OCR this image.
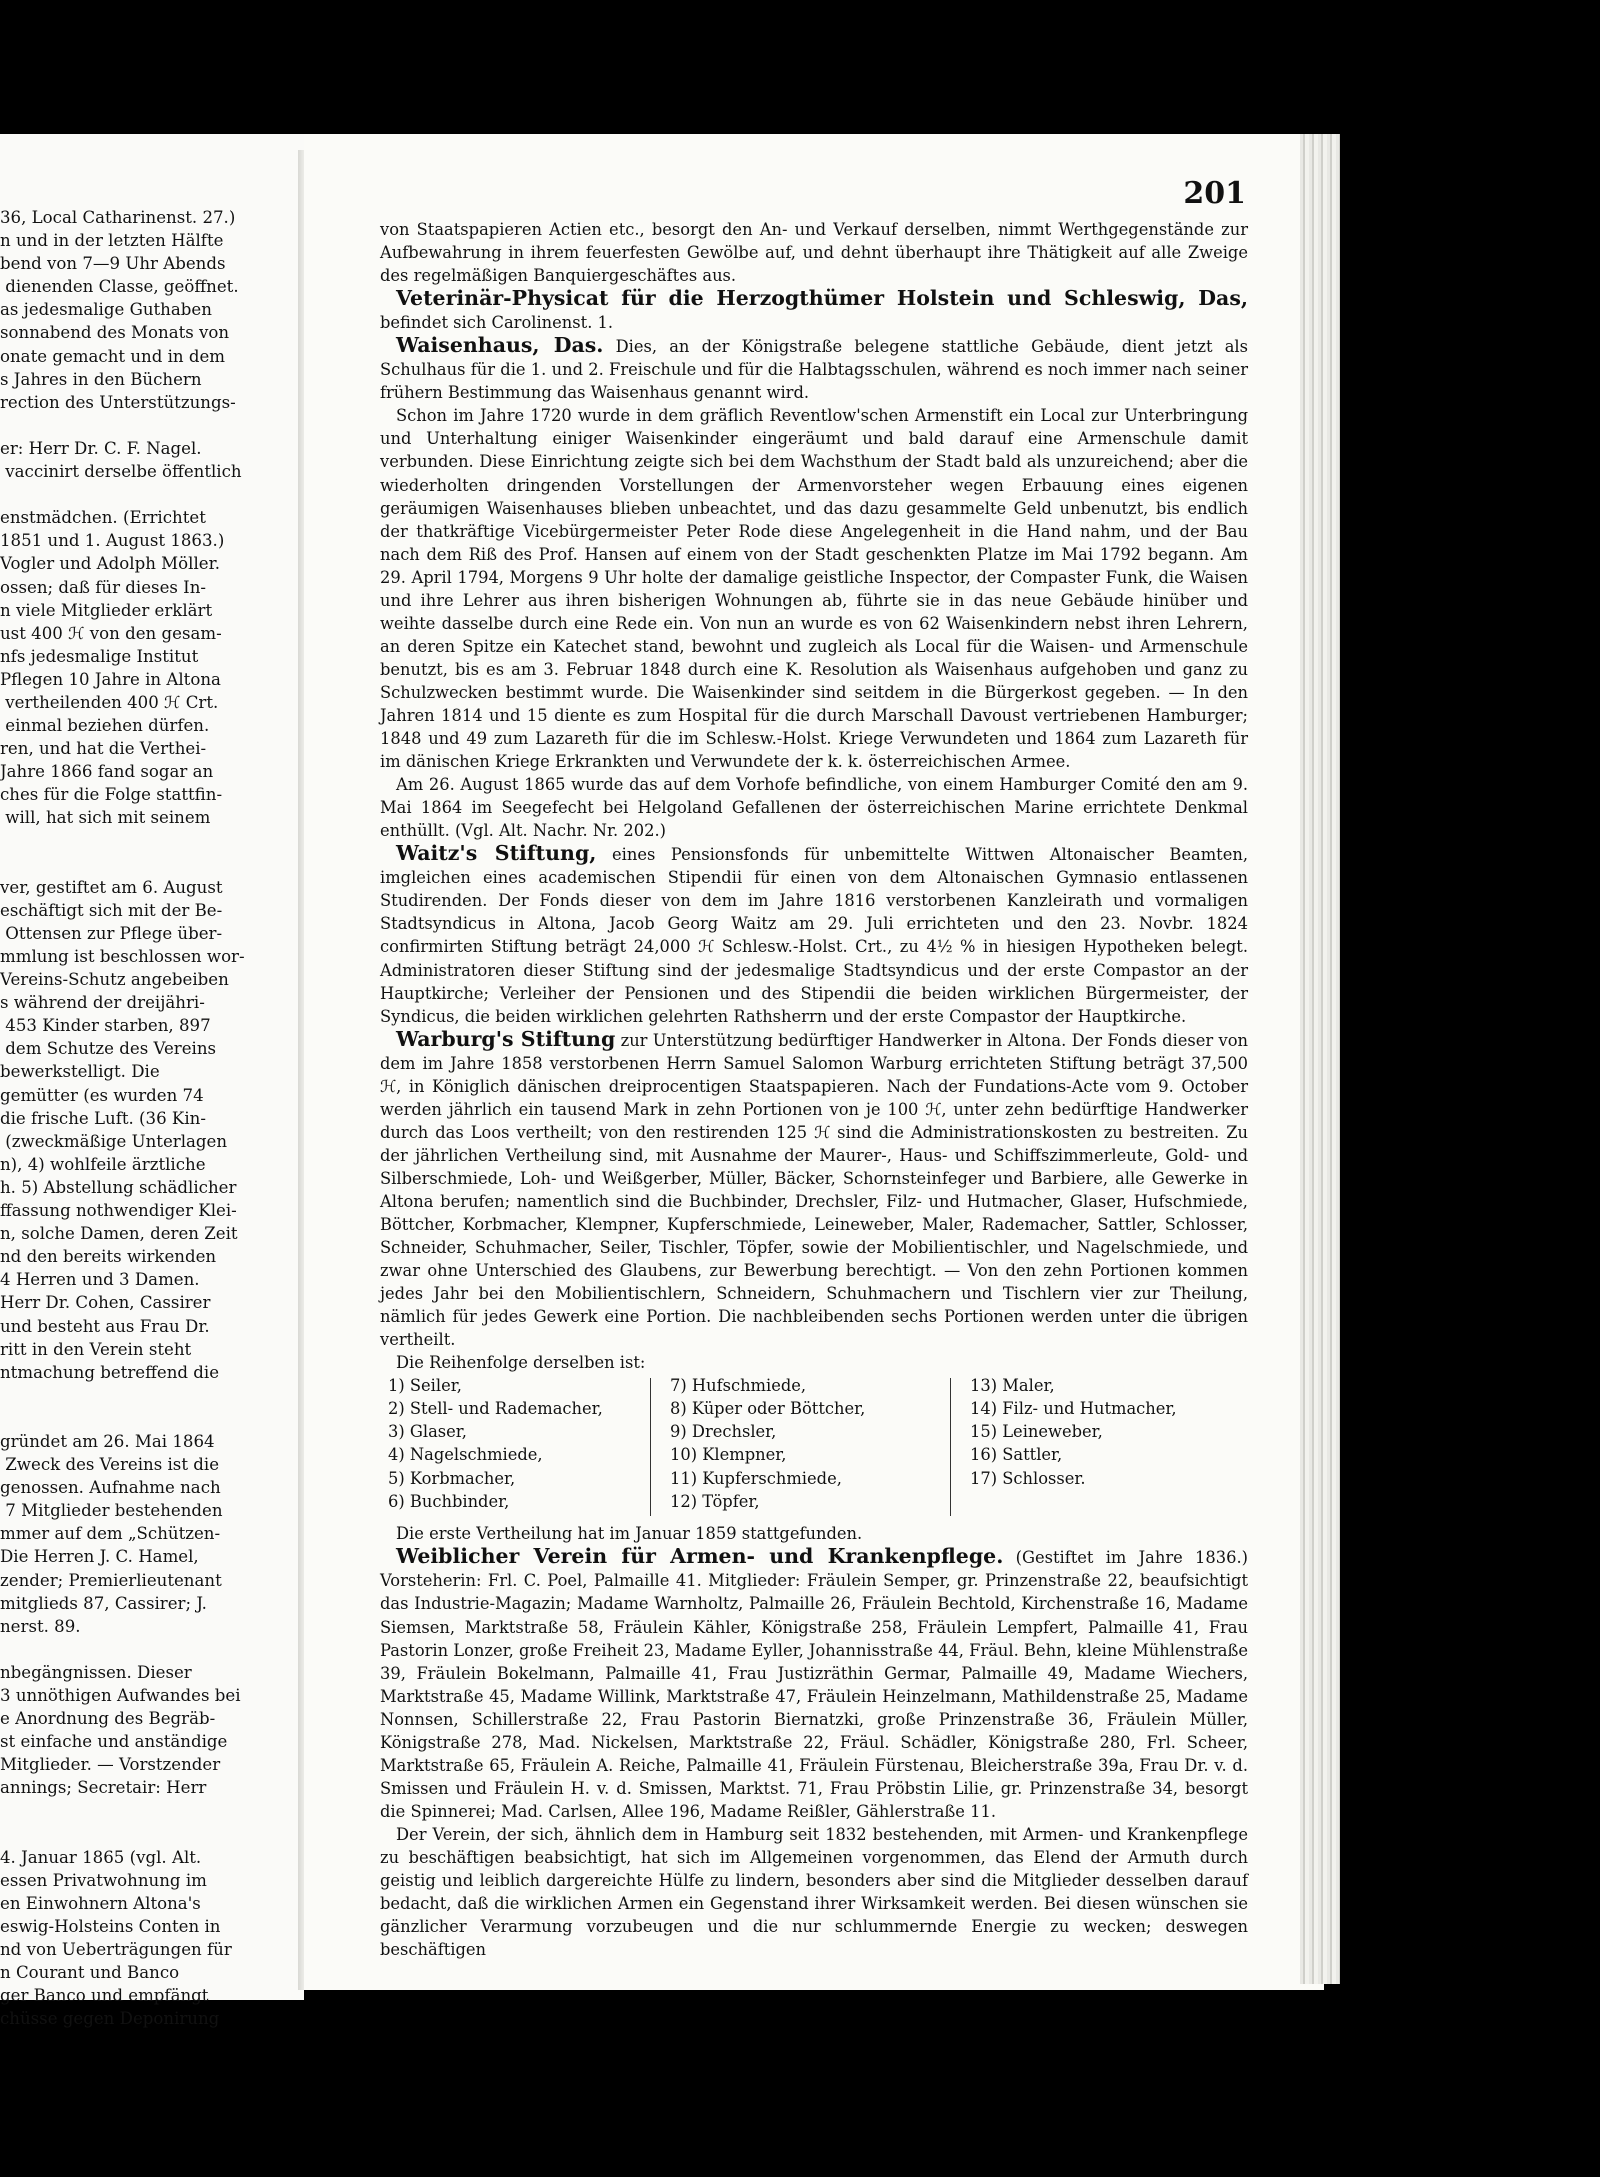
36, Local Catharinenst. 27.)
n und in der letzten Hälfte
bend von 7—9 Uhr Abends
dienenden Classe, geöffnet.
as jedesmalige Guthaben
sonnabend des Monats von
onate gemacht und in dem
s Jahres in den Büchern
rection des Unterstützungs-
er: Herr Dr. C. F. Nagel.
vaccinirt derselbe öffentlich
enstmädchen. (Errichtet
1851 und 1. August 1863.)
Vogler und Adolph Möller.
ossen; daß für dieses In-
n viele Mitglieder erklärt
ust 400 ℋ von den gesam-
nfs jedesmalige Institut
Pflegen 10 Jahre in Altona
vertheilenden 400 ℋ Crt.
einmal beziehen dürfen.
ren, und hat die Verthei-
Jahre 1866 fand sogar an
ches für die Folge stattfin-
will, hat sich mit seinem
ver, gestiftet am 6. August
eschäftigt sich mit der Be-
Ottensen zur Pflege über-
mmlung ist beschlossen wor-
Vereins-Schutz angebeiben
s während der dreijähri-
453 Kinder starben, 897
dem Schutze des Vereins
bewerkstelligt. Die
gemütter (es wurden 74
die frische Luft. (36 Kin-
(zweckmäßige Unterlagen
n), 4) wohlfeile ärztliche
h. 5) Abstellung schädlicher
ffassung nothwendiger Klei-
n, solche Damen, deren Zeit
nd den bereits wirkenden
4 Herren und 3 Damen.
Herr Dr. Cohen, Cassirer
und besteht aus Frau Dr.
ritt in den Verein steht
ntmachung betreffend die
gründet am 26. Mai 1864
Zweck des Vereins ist die
genossen. Aufnahme nach
7 Mitglieder bestehenden
mmer auf dem „Schützen-
Die Herren J. C. Hamel,
zender; Premierlieutenant
mitglieds 87, Cassirer; J.
nerst. 89.
nbegängnissen. Dieser
3 unnöthigen Aufwandes bei
e Anordnung des Begräb-
st einfache und anständige
Mitglieder. — Vorstzender
annings; Secretair: Herr
4. Januar 1865 (vgl. Alt.
essen Privatwohnung im
en Einwohnern Altona's
eswig-Holsteins Conten in
nd von Ueberträgungen für
n Courant und Banco
ger Banco und empfängt
chüsse gegen Deponirung
201

von Staatspapieren Actien etc., besorgt den An- und Verkauf derselben, nimmt Werthgegenstände zur Aufbewahrung in ihrem feuerfesten Gewölbe auf, und dehnt überhaupt ihre Thätigkeit auf alle Zweige des regelmäßigen Banquiergeschäftes aus.

Veterinär-Physicat für die Herzogthümer Holstein und Schleswig, Das, befindet sich Carolinenst. 1.

Waisenhaus, Das. Dies, an der Königstraße belegene stattliche Gebäude, dient jetzt als Schulhaus für die 1. und 2. Freischule und für die Halbtagsschulen, während es noch immer nach seiner frühern Bestimmung das Waisenhaus genannt wird.

Schon im Jahre 1720 wurde in dem gräflich Reventlow'schen Armenstift ein Local zur Unterbringung und Unterhaltung einiger Waisenkinder eingeräumt und bald darauf eine Armenschule damit verbunden. Diese Einrichtung zeigte sich bei dem Wachsthum der Stadt bald als unzureichend; aber die wiederholten dringenden Vorstellungen der Armenvorsteher wegen Erbauung eines eigenen geräumigen Waisenhauses blieben unbeachtet, und das dazu gesammelte Geld unbenutzt, bis endlich der thatkräftige Vicebürgermeister Peter Rode diese Angelegenheit in die Hand nahm, und der Bau nach dem Riß des Prof. Hansen auf einem von der Stadt geschenkten Platze im Mai 1792 begann. Am 29. April 1794, Morgens 9 Uhr holte der damalige geistliche Inspector, der Compaster Funk, die Waisen und ihre Lehrer aus ihren bisherigen Wohnungen ab, führte sie in das neue Gebäude hinüber und weihte dasselbe durch eine Rede ein. Von nun an wurde es von 62 Waisenkindern nebst ihren Lehrern, an deren Spitze ein Katechet stand, bewohnt und zugleich als Local für die Waisen- und Armenschule benutzt, bis es am 3. Februar 1848 durch eine K. Resolution als Waisenhaus aufgehoben und ganz zu Schulzwecken bestimmt wurde. Die Waisenkinder sind seitdem in die Bürgerkost gegeben. — In den Jahren 1814 und 15 diente es zum Hospital für die durch Marschall Davoust vertriebenen Hamburger; 1848 und 49 zum Lazareth für die im Schlesw.-Holst. Kriege Verwundeten und 1864 zum Lazareth für im dänischen Kriege Erkrankten und Verwundete der k. k. österreichischen Armee.

Am 26. August 1865 wurde das auf dem Vorhofe befindliche, von einem Hamburger Comité den am 9. Mai 1864 im Seegefecht bei Helgoland Gefallenen der österreichischen Marine errichtete Denkmal enthüllt. (Vgl. Alt. Nachr. Nr. 202.)

Waitz's Stiftung, eines Pensionsfonds für unbemittelte Wittwen Altonaischer Beamten, imgleichen eines academischen Stipendii für einen von dem Altonaischen Gymnasio entlassenen Studirenden. Der Fonds dieser von dem im Jahre 1816 verstorbenen Kanzleirath und vormaligen Stadtsyndicus in Altona, Jacob Georg Waitz am 29. Juli errichteten und den 23. Novbr. 1824 confirmirten Stiftung beträgt 24,000 ℋ Schlesw.-Holst. Crt., zu 4½ % in hiesigen Hypotheken belegt. Administratoren dieser Stiftung sind der jedesmalige Stadtsyndicus und der erste Compastor an der Hauptkirche; Verleiher der Pensionen und des Stipendii die beiden wirklichen Bürgermeister, der Syndicus, die beiden wirklichen gelehrten Rathsherrn und der erste Compastor der Hauptkirche.

Warburg's Stiftung zur Unterstützung bedürftiger Handwerker in Altona. Der Fonds dieser von dem im Jahre 1858 verstorbenen Herrn Samuel Salomon Warburg errichteten Stiftung beträgt 37,500 ℋ, in Königlich dänischen dreiprocentigen Staatspapieren. Nach der Fundations-Acte vom 9. October werden jährlich ein tausend Mark in zehn Portionen von je 100 ℋ, unter zehn bedürftige Handwerker durch das Loos vertheilt; von den restirenden 125 ℋ sind die Administrationskosten zu bestreiten. Zu der jährlichen Vertheilung sind, mit Ausnahme der Maurer-, Haus- und Schiffszimmerleute, Gold- und Silberschmiede, Loh- und Weißgerber, Müller, Bäcker, Schornsteinfeger und Barbiere, alle Gewerke in Altona berufen; namentlich sind die Buchbinder, Drechsler, Filz- und Hutmacher, Glaser, Hufschmiede, Böttcher, Korbmacher, Klempner, Kupferschmiede, Leineweber, Maler, Rademacher, Sattler, Schlosser, Schneider, Schuhmacher, Seiler, Tischler, Töpfer, sowie der Mobilientischler, und Nagelschmiede, und zwar ohne Unterschied des Glaubens, zur Bewerbung berechtigt. — Von den zehn Portionen kommen jedes Jahr bei den Mobilientischlern, Schneidern, Schuhmachern und Tischlern vier zur Theilung, nämlich für jedes Gewerk eine Portion. Die nachbleibenden sechs Portionen werden unter die übrigen vertheilt.

Die Reihenfolge derselben ist:

1) Seiler,
2) Stell- und Rademacher,
3) Glaser,
4) Nagelschmiede,
5) Korbmacher,
6) Buchbinder,
7) Hufschmiede,
8) Küper oder Böttcher,
9) Drechsler,
10) Klempner,
11) Kupferschmiede,
12) Töpfer,
13) Maler,
14) Filz- und Hutmacher,
15) Leineweber,
16) Sattler,
17) Schlosser.

Die erste Vertheilung hat im Januar 1859 stattgefunden.

Weiblicher Verein für Armen- und Krankenpflege. (Gestiftet im Jahre 1836.) Vorsteherin: Frl. C. Poel, Palmaille 41. Mitglieder: Fräulein Semper, gr. Prinzenstraße 22, beaufsichtigt das Industrie-Magazin; Madame Warnholtz, Palmaille 26, Fräulein Bechtold, Kirchenstraße 16, Madame Siemsen, Marktstraße 58, Fräulein Kähler, Königstraße 258, Fräulein Lempfert, Palmaille 41, Frau Pastorin Lonzer, große Freiheit 23, Madame Eyller, Johannisstraße 44, Fräul. Behn, kleine Mühlenstraße 39, Fräulein Bokelmann, Palmaille 41, Frau Justizräthin Germar, Palmaille 49, Madame Wiechers, Marktstraße 45, Madame Willink, Marktstraße 47, Fräulein Heinzelmann, Mathildenstraße 25, Madame Nonnsen, Schillerstraße 22, Frau Pastorin Biernatzki, große Prinzenstraße 36, Fräulein Müller, Königstraße 278, Mad. Nickelsen, Marktstraße 22, Fräul. Schädler, Königstraße 280, Frl. Scheer, Marktstraße 65, Fräulein A. Reiche, Palmaille 41, Fräulein Fürstenau, Bleicherstraße 39a, Frau Dr. v. d. Smissen und Fräulein H. v. d. Smissen, Marktst. 71, Frau Pröbstin Lilie, gr. Prinzenstraße 34, besorgt die Spinnerei; Mad. Carlsen, Allee 196, Madame Reißler, Gählerstraße 11.

Der Verein, der sich, ähnlich dem in Hamburg seit 1832 bestehenden, mit Armen- und Krankenpflege zu beschäftigen beabsichtigt, hat sich im Allgemeinen vorgenommen, das Elend der Armuth durch geistig und leiblich dargereichte Hülfe zu lindern, besonders aber sind die Mitglieder desselben darauf bedacht, daß die wirklichen Armen ein Gegenstand ihrer Wirksamkeit werden. Bei diesen wünschen sie gänzlicher Verarmung vorzubeugen und die nur schlummernde Energie zu wecken; deswegen beschäftigen
